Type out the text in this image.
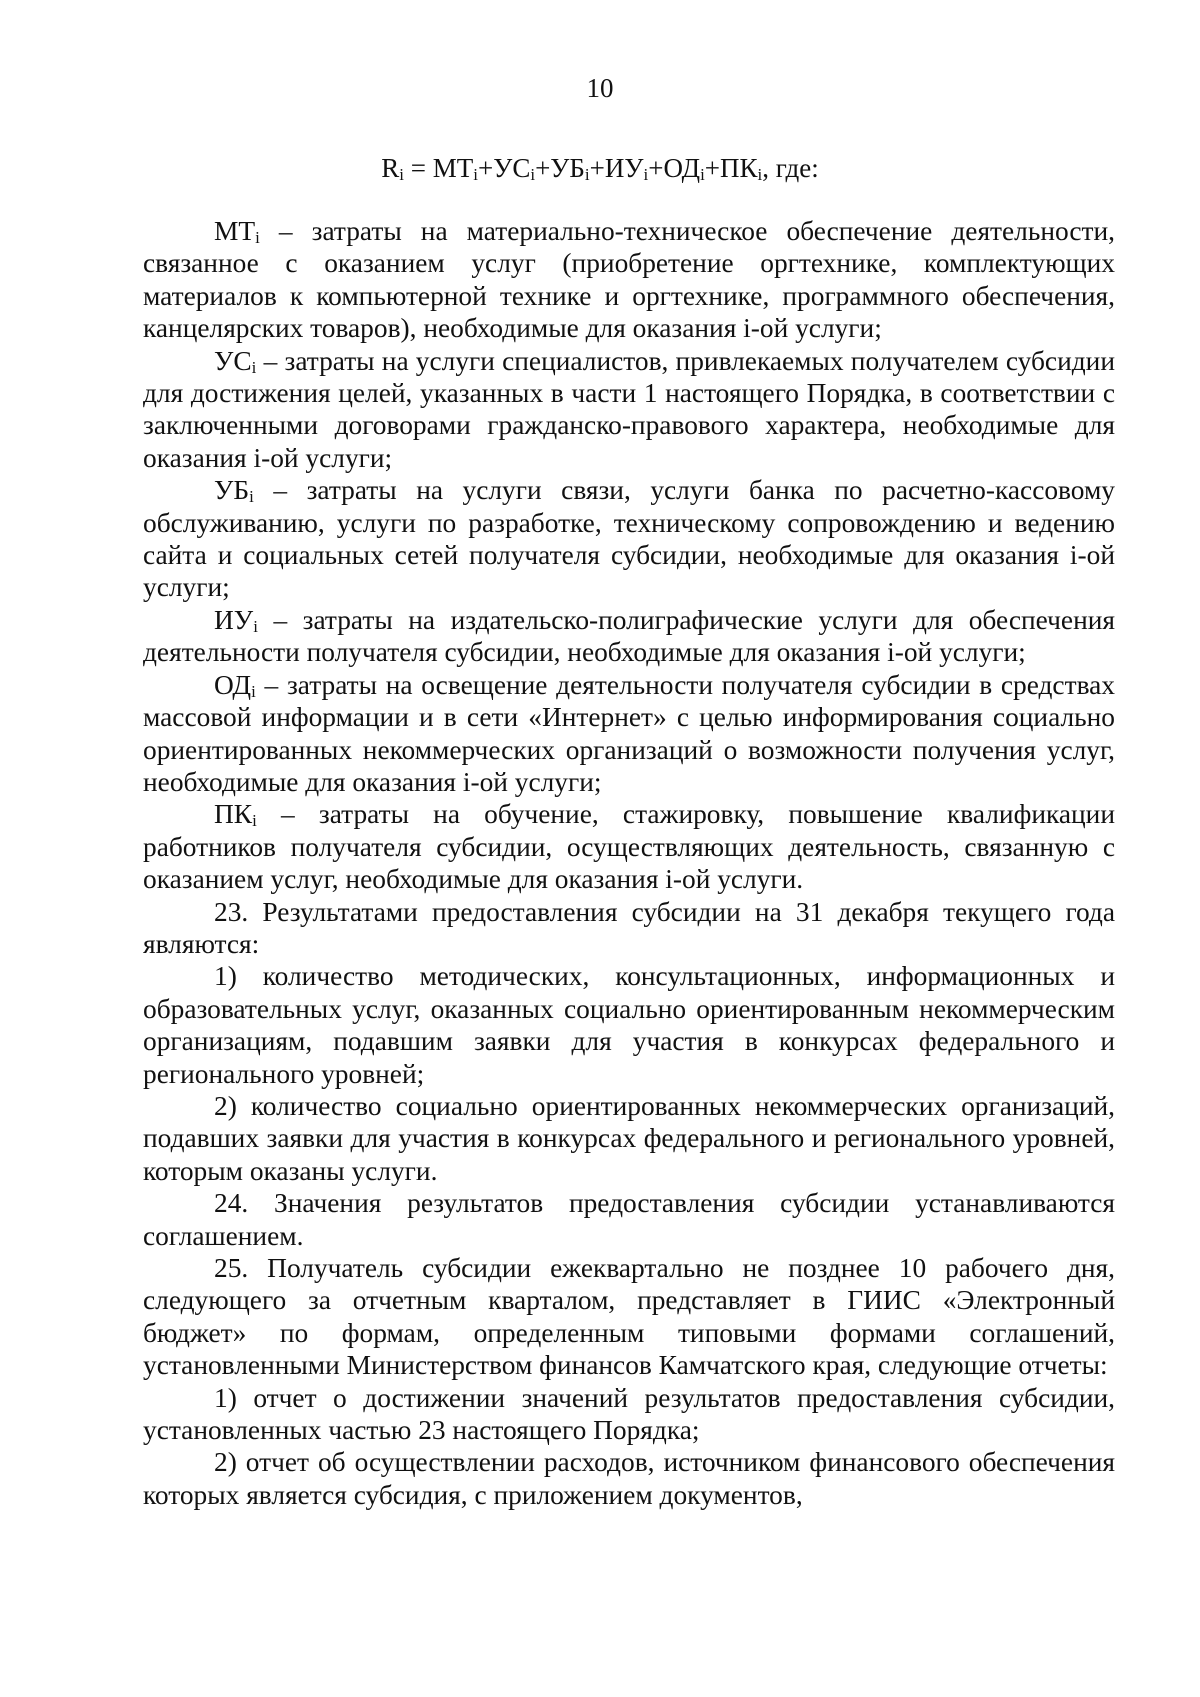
10
$R_i = МТ_i+УС_i+УБ_i+ИУ_i+ОД_i+ПК_i$, где:

$МТ_i$ – затраты на материально-техническое обеспечение деятельности, связанное с оказанием услуг (приобретение оргтехнике, комплектующих материалов к компьютерной технике и оргтехнике, программного обеспечения, канцелярских товаров), необходимые для оказания i-ой услуги;

$УС_i$ – затраты на услуги специалистов, привлекаемых получателем субсидии для достижения целей, указанных в части 1 настоящего Порядка, в соответствии с заключенными договорами гражданско-правового характера, необходимые для оказания i-ой услуги;

$УБ_i$ – затраты на услуги связи, услуги банка по расчетно-кассовому обслуживанию, услуги по разработке, техническому сопровождению и ведению сайта и социальных сетей получателя субсидии, необходимые для оказания i-ой услуги;

$ИУ_i$ – затраты на издательско-полиграфические услуги для обеспечения деятельности получателя субсидии, необходимые для оказания i-ой услуги;

$ОД_i$ – затраты на освещение деятельности получателя субсидии в средствах массовой информации и в сети «Интернет» с целью информирования социально ориентированных некоммерческих организаций о возможности получения услуг, необходимые для оказания i-ой услуги;

$ПК_i$ – затраты на обучение, стажировку, повышение квалификации работников получателя субсидии, осуществляющих деятельность, связанную с оказанием услуг, необходимые для оказания i-ой услуги.

23. Результатами предоставления субсидии на 31 декабря текущего года являются:

1) количество методических, консультационных, информационных и образовательных услуг, оказанных социально ориентированным некоммерческим организациям, подавшим заявки для участия в конкурсах федерального и регионального уровней;

2) количество социально ориентированных некоммерческих организаций, подавших заявки для участия в конкурсах федерального и регионального уровней, которым оказаны услуги.

24. Значения результатов предоставления субсидии устанавливаются соглашением.

25. Получатель субсидии ежеквартально не позднее 10 рабочего дня, следующего за отчетным кварталом, представляет в ГИИС «Электронный бюджет» по формам, определенным типовыми формами соглашений, установленными Министерством финансов Камчатского края, следующие отчеты:

1) отчет о достижении значений результатов предоставления субсидии, установленных частью 23 настоящего Порядка;

2) отчет об осуществлении расходов, источником финансового обеспечения которых является субсидия, с приложением документов,
